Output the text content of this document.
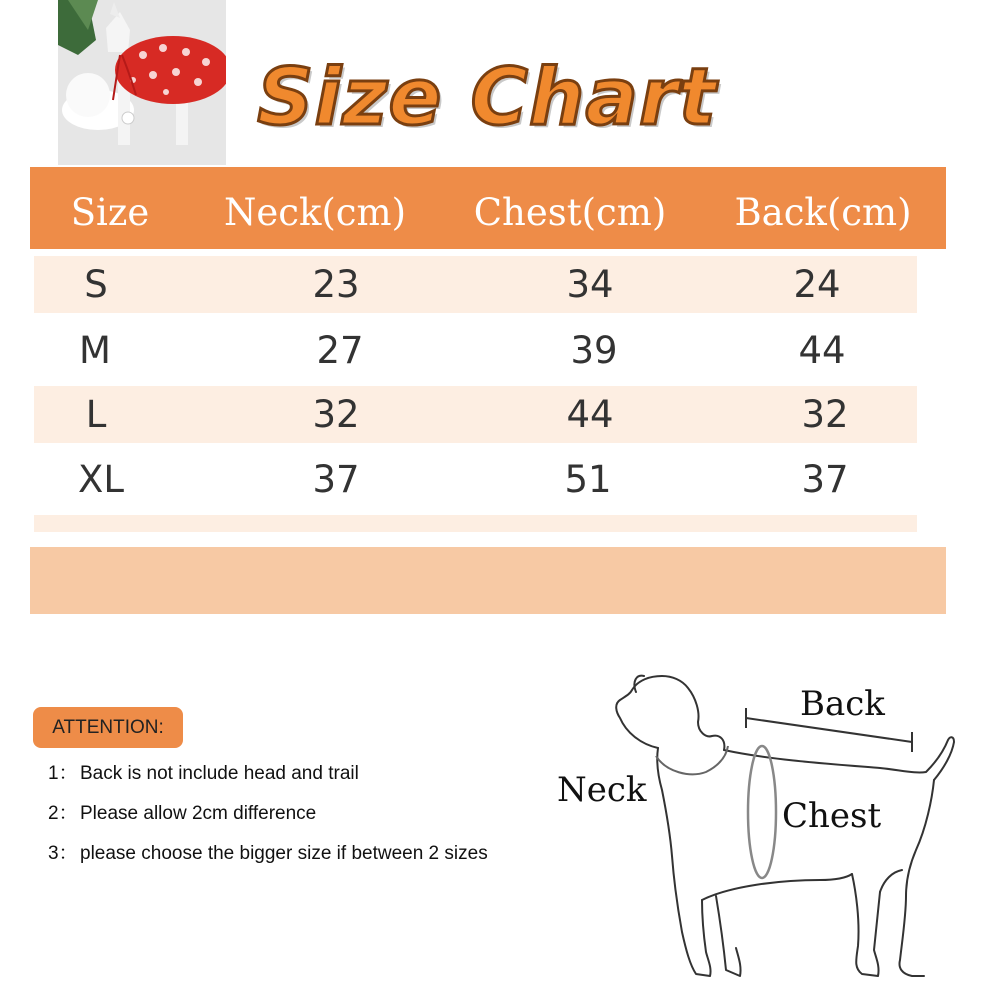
Size Chart
Size	Neck(cm)	Chest(cm)	Back(cm)
S	23	34	24
M	27	39	44
L	32	44	32
XL	37	51	37
ATTENTION:
1： Back is not include head and trail
2： Please allow 2cm difference
3： please choose the bigger size if between 2 sizes
Back
Neck
Chest
